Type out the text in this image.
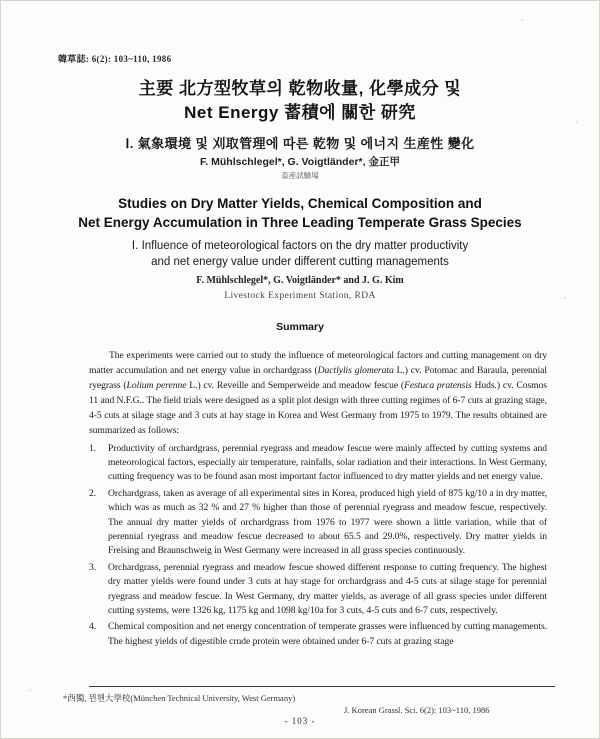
韓草誌: 6(2): 103~110, 1986
主要 北方型牧草의 乾物收量, 化學成分 및
Net Energy 蓄積에 關한 研究
Ⅰ. 氣象環境 및 刈取管理에 따른 乾物 및 에너지 生産性 變化
F. Mühlschlegel*, G. Voigtländer*, 金正甲
畜産試驗場
Studies on Dry Matter Yields, Chemical Composition and
Net Energy Accumulation in Three Leading Temperate Grass Species
Ⅰ. Influence of meteorological factors on the dry matter productivity
and net energy value under different cutting managements
F. Mühlschlegel*, G. Voigtländer* and J. G. Kim
Livestock Experiment Station, RDA
Summary

The experiments were carried out to study the influence of meteorological factors and cutting management on dry matter accumulation and net energy value in orchardgrass (Dactlylis glomerata L.) cv. Potomac and Baraula, perennial ryegrass (Lolium perenne L.) cv. Reveille and Semperweide and meadow fescue (Festuca pratensis Huds.) cv. Cosmos 11 and N.F.G.. The field trials were designed as a split plot design with three cutting regimes of 6-7 cuts at grazing stage, 4-5 cuts at silage stage and 3 cuts at hay stage in Korea and West Germany from 1975 to 1979. The results obtained are summarized as follows:

1.	Productivity of orchardgrass, perennial ryegrass and meadow fescue were mainly affected by cutting systems and meteorological factors, especially air temperature, rainfalls, solar radiation and their interactions. In West Germany, cutting frequency was to be found asan most important factor influenced to dry matter yields and net energy value.
2.	Orchardgrass, taken as average of all experimental sites in Korea, produced high yield of 875 kg/10 a in dry matter, which was as much as 32 % and 27 % higher than those of perennial ryegrass and meadow fescue, respectively. The annual dry matter yields of orchardgrass from 1976 to 1977 were shown a little variation, while that of perennial ryegrass and meadow fescue decreased to about 65.5 and 29.0%, respectively. Dry matter yields in Freising and Braunschweig in West Germany were increased in all grass species continuously.
3.	Orchardgrass, perennial ryegrass and meadow fescue showed different response to cutting frequency. The highest dry matter yields were found under 3 cuts at hay stage for orchardgrass and 4-5 cuts at silage stage for perennial ryegrass and meadow fescue. In West Germany, dry matter yields, as average of all grass species under different cutting systems, were 1326 kg, 1175 kg and 1098 kg/10a for 3 cuts, 4-5 cuts and 6-7 cuts, respectively.
4.	Chemical composition and net energy concentration of temperate grasses were influenced by cutting managements. The highest yields of digestible crude protein were obtained under 6-7 cuts at grazing stage
*西獨, 뮌헨大學校(München Technical University, West Germany)
J. Korean Grassl. Sci. 6(2): 103~110, 1986
- 103 -
